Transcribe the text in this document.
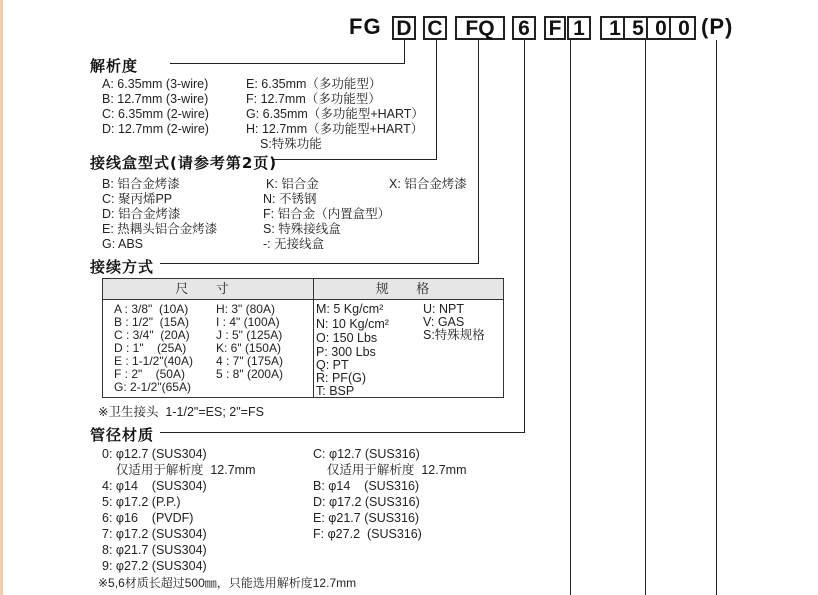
FG D C	FQ	6 F 1 1 5 0 0 (P)
解析度
A: 6.35mm (3-wire)
B: 12.7mm (3-wire)
C: 6.35mm (2-wire)
D: 12.7mm (2-wire)
E: 6.35mm（多功能型）
F: 12.7mm（多功能型）
G: 6.35mm（多功能型+HART）
H: 12.7mm（多功能型+HART）
S:特殊功能
接线盒型式(请参考第2页)
B: 铝合金烤漆
C: 聚丙烯PP
D: 铝合金烤漆
E: 热耦头铝合金烤漆
G: ABS
K: 铝合金
N: 不锈钢
F: 铝合金（内置盒型）
S: 特殊接线盒
-: 无接线盒
X: 铝合金烤漆
接续方式
尺 寸	规 格
A : 3/8"  (10A)
B : 1/2"  (15A)
C : 3/4"  (20A)
D : 1"    (25A)
E : 1-1/2"(40A)
F : 2"    (50A)
G: 2-1/2"(65A)
H: 3" (80A)
I : 4" (100A)
J : 5" (125A)
K: 6" (150A)
4 : 7" (175A)
5 : 8" (200A)
M: 5 Kg/cm²
N: 10 Kg/cm²
O: 150 Lbs
P: 300 Lbs
Q: PT
R: PF(G)
T: BSP
U: NPT
V: GAS
S:特殊规格
※卫生接头  1-1/2"=ES; 2"=FS
管径材质
0: φ12.7 (SUS304)
仅适用于解析度  12.7mm
4: φ14    (SUS304)
5: φ17.2 (P.P.)
6: φ16    (PVDF)
7: φ17.2 (SUS304)
8: φ21.7 (SUS304)
9: φ27.2 (SUS304)
C: φ12.7 (SUS316)
仅适用于解析度  12.7mm
B: φ14    (SUS316)
D: φ17.2 (SUS316)
E: φ21.7 (SUS316)
F: φ27.2  (SUS316)
※5,6材质长超过500㎜，只能选用解析度12.7mm
